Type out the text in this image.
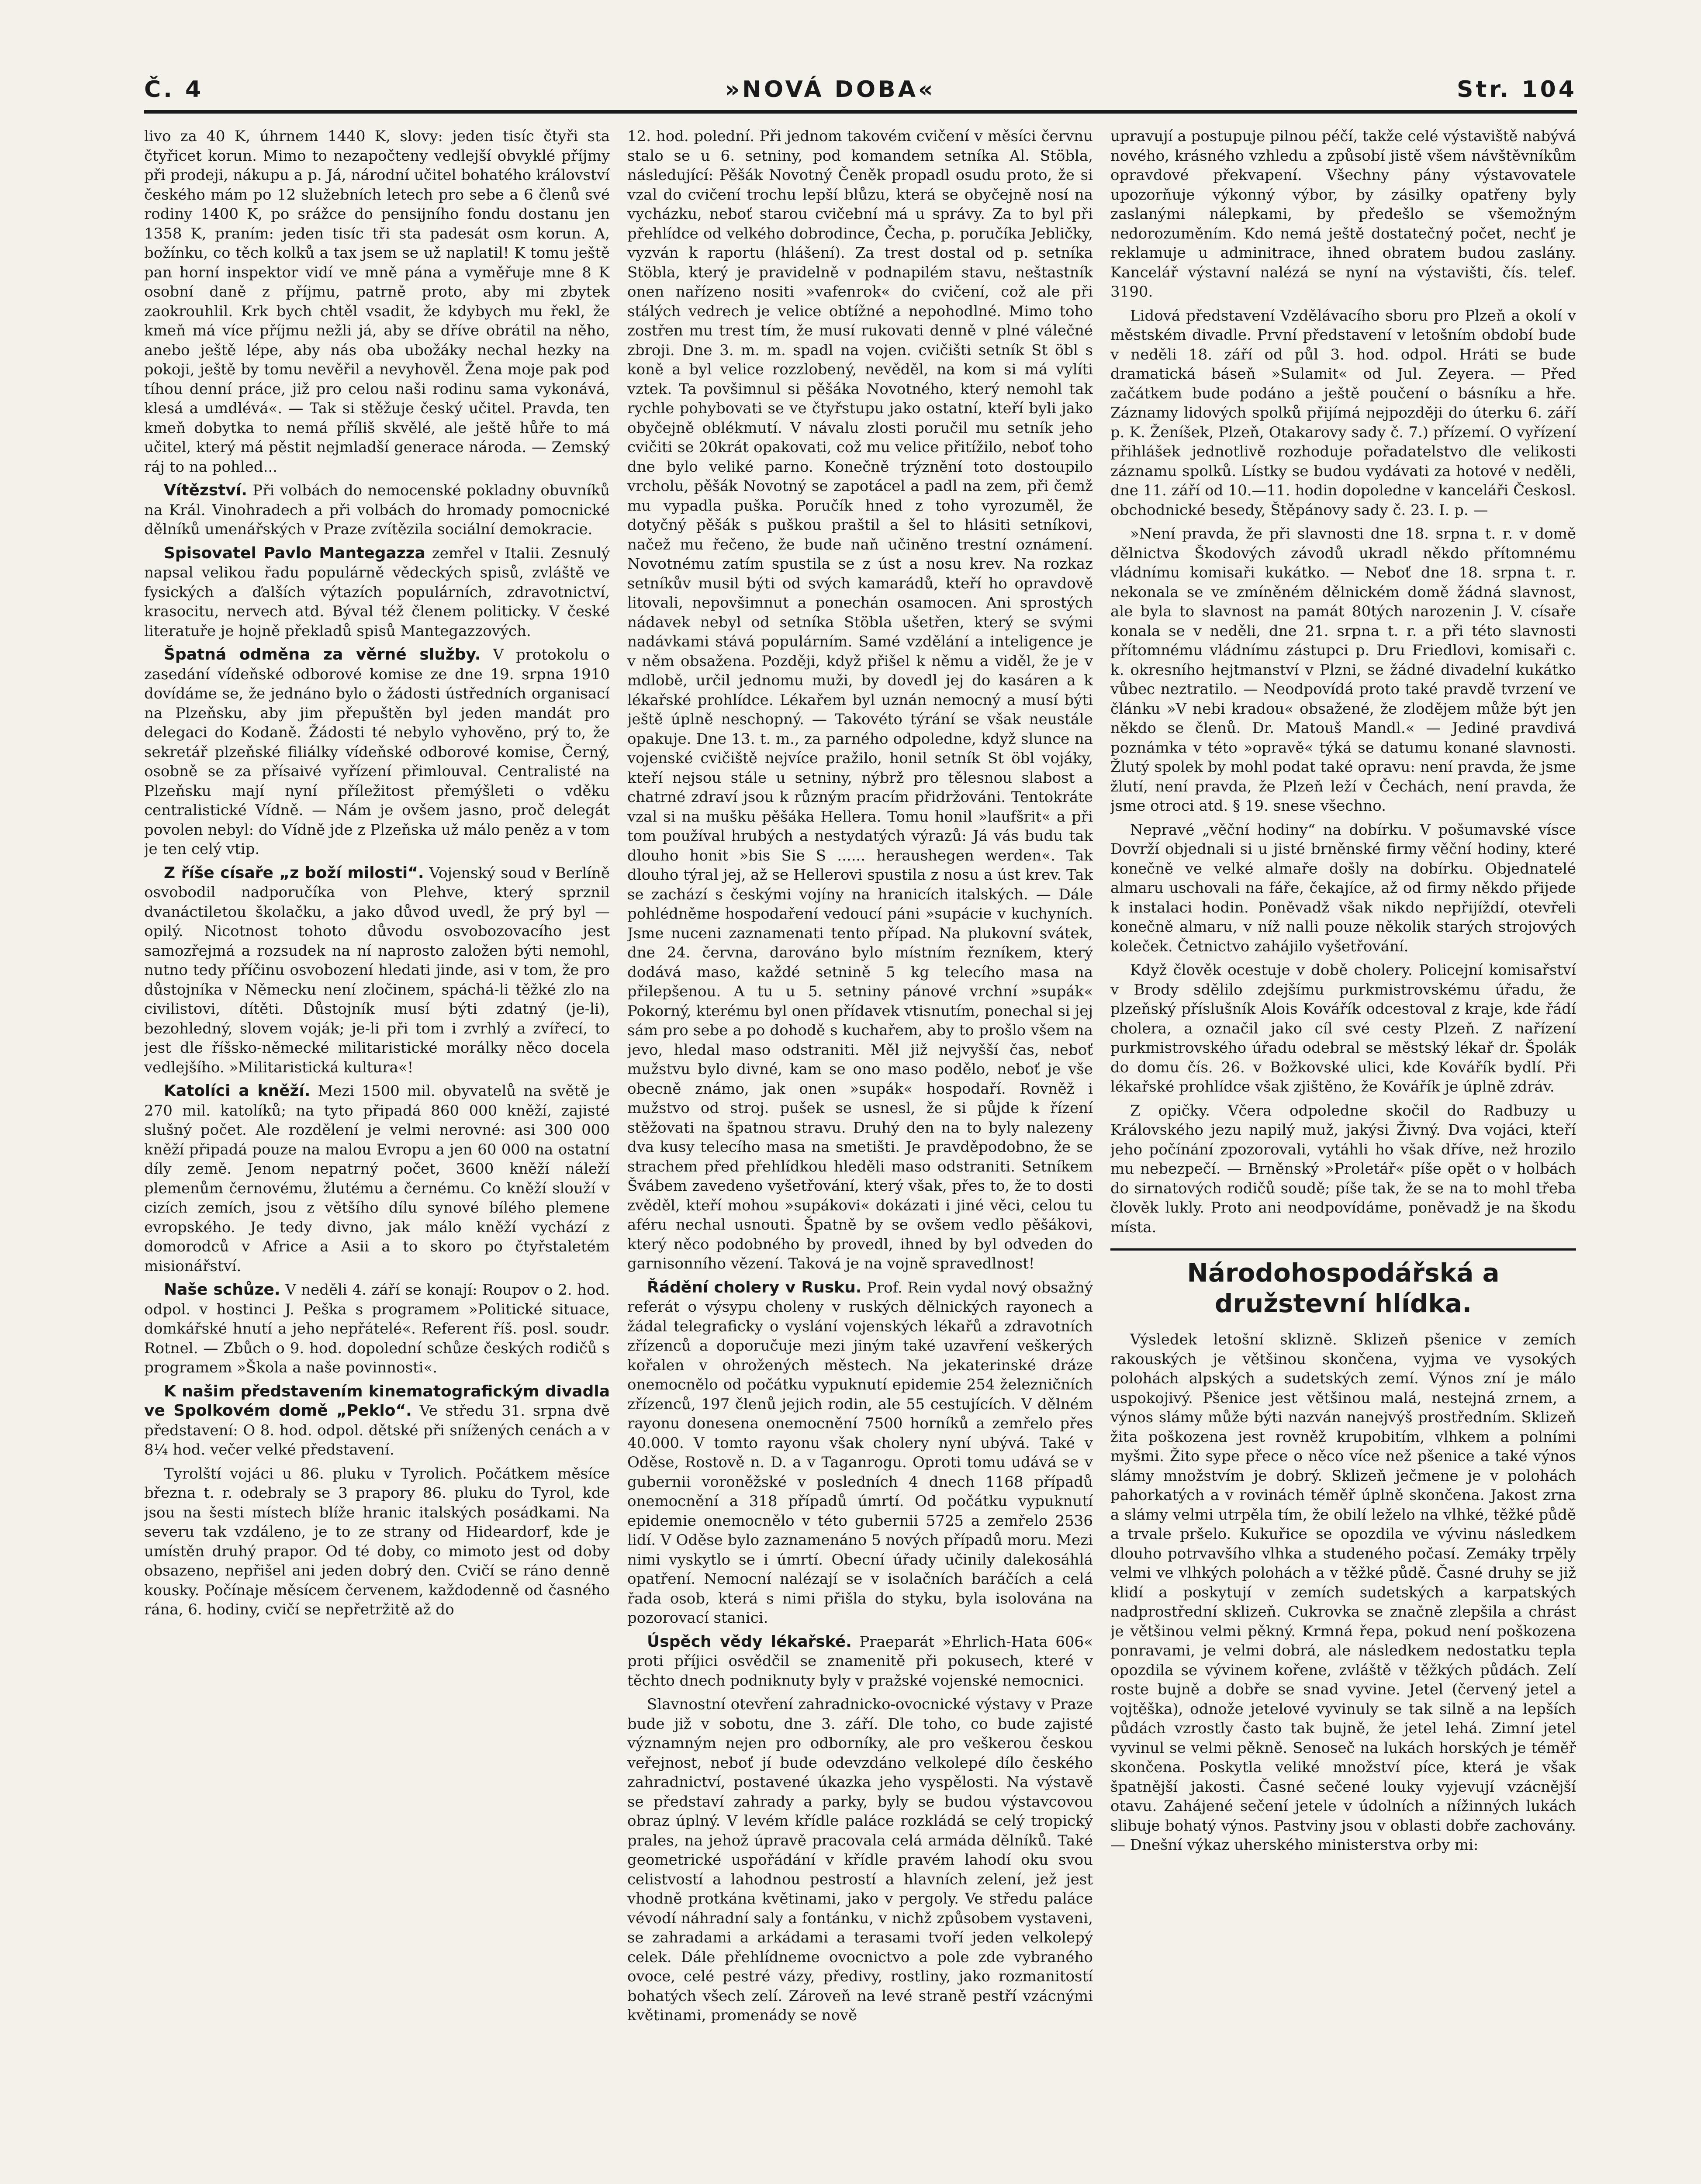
Č. 4	»NOVÁ DOBA«	Str. 104

livo za 40 K, úhrnem 1440 K, slovy: jeden tisíc čtyři sta čtyřicet korun. Mimo to nezapočteny vedlejší obvyklé příjmy při prodeji, nákupu a p. Já, národní učitel bohatého království českého mám po 12 služebních letech pro sebe a 6 členů své rodiny 1400 K, po srážce do pensijního fondu dostanu jen 1358 K, praním: jeden tisíc tři sta padesát osm korun. A, božínku, co těch kolků a tax jsem se už naplatil! K tomu ještě pan horní inspektor vidí ve mně pána a vyměřuje mne 8 K osobní daně z příjmu, patrně proto, aby mi zbytek zaokrouhlil. Krk bych chtěl vsadit, že kdybych mu řekl, že kmeň má více příjmu nežli já, aby se dříve obrátil na něho, anebo ještě lépe, aby nás oba ubožáky nechal hezky na pokoji, ještě by tomu nevěřil a nevyhověl. Žena moje pak pod tíhou denní práce, již pro celou naši rodinu sama vykonává, klesá a umdlévá«. — Tak si stěžuje český učitel. Pravda, ten kmeň dobytka to nemá příliš skvělé, ale ještě hůře to má učitel, který má pěstit nejmladší generace národa. — Zemský ráj to na pohled...

Vítězství. Při volbách do nemocenské pokladny obuvníků na Král. Vinohradech a při volbách do hromady pomocnické dělníků umenářských v Praze zvítězila sociální demokracie.

Spisovatel Pavlo Mantegazza zemřel v Italii. Zesnulý napsal velikou řadu populárně vědeckých spisů, zvláště ve fysických a ďalších výtazích populárních, zdravotnictví, krasocitu, nervech atd. Býval též členem politicky. V české literatuře je hojně překladů spisů Mantegazzových.

Špatná odměna za věrné služby. V protokolu o zasedání vídeňské odborové komise ze dne 19. srpna 1910 dovídáme se, že jednáno bylo o žádosti ústředních organisací na Plzeňsku, aby jim přepuštěn byl jeden mandát pro delegaci do Kodaně. Žádosti té nebylo vyhověno, prý to, že sekretář plzeňské filiálky vídeňské odborové komise, Černý, osobně se za přísaivé vyřízení přimlouval. Centralisté na Plzeňsku mají nyní příležitost přemýšleti o vděku centralistické Vídně. — Nám je ovšem jasno, proč delegát povolen nebyl: do Vídně jde z Plzeňska už málo peněz a v tom je ten celý vtip.

Z říše císaře „z boží milosti“. Vojenský soud v Berlíně osvobodil nadporučíka von Plehve, který sprznil dvanáctiletou školačku, a jako důvod uvedl, že prý byl — opilý. Nicotnost tohoto důvodu osvobozovacího jest samozřejmá a rozsudek na ní naprosto založen býti nemohl, nutno tedy příčinu osvobození hledati jinde, asi v tom, že pro důstojníka v Německu není zločinem, spáchá-li těžké zlo na civilistovi, dítěti. Důstojník musí býti zdatný (je-li), bezohledný, slovem voják; je-li při tom i zvrhlý a zvířecí, to jest dle říšsko-německé militaristické morálky něco docela vedlejšího. »Militaristická kultura«!

Katolíci a kněží. Mezi 1500 mil. obyvatelů na světě je 270 mil. katolíků; na tyto připadá 860 000 kněží, zajisté slušný počet. Ale rozdělení je velmi nerovné: asi 300 000 kněží připadá pouze na malou Evropu a jen 60 000 na ostatní díly země. Jenom nepatrný počet, 3600 kněží náleží plemenům černovému, žlutému a černému. Co kněží slouží v cizích zemích, jsou z většího dílu synové bílého plemene evropského. Je tedy divno, jak málo kněží vychází z domorodců v Africe a Asii a to skoro po čtyřstaletém misionářství.

Naše schůze. V neděli 4. září se konají: Roupov o 2. hod. odpol. v hostinci J. Peška s programem »Politické situace, domkářské hnutí a jeho nepřátelé«. Referent říš. posl. soudr. Rotnel. — Zbůch o 9. hod. dopolední schůze českých rodičů s programem »Škola a naše povinnosti«.

K našim představením kinematografickým divadla ve Spolkovém domě „Peklo“. Ve středu 31. srpna dvě představení: O 8. hod. odpol. dětské při snížených cenách a v 8¼ hod. večer velké představení.

Tyrolští vojáci u 86. pluku v Tyrolich. Počátkem měsíce března t. r. odebraly se 3 prapory 86. pluku do Tyrol, kde jsou na šesti místech blíže hranic italských posádkami. Na severu tak vzdáleno, je to ze strany od Hideardorf, kde je umístěn druhý prapor. Od té doby, co mimoto jest od doby obsazeno, nepřišel ani jeden dobrý den. Cvičí se ráno denně kousky. Počínaje měsícem červenem, každodenně od časného rána, 6. hodiny, cvičí se nepřetržitě až do

12. hod. polední. Při jednom takovém cvičení v měsíci červnu stalo se u 6. setniny, pod komandem setníka Al. Stöbla, následující: Pěšák Novotný Čeněk propadl osudu proto, že si vzal do cvičení trochu lepší blůzu, která se obyčejně nosí na vycházku, neboť starou cvičební má u správy. Za to byl při přehlídce od velkého dobrodince, Čecha, p. poručíka Jebličky, vyzván k raportu (hlášení). Za trest dostal od p. setníka Stöbla, který je pravidelně v podnapilém stavu, neštastník onen nařízeno nositi »vafenrok« do cvičení, což ale při stálých vedrech je velice obtížné a nepohodlné. Mimo toho zostřen mu trest tím, že musí rukovati denně v plné válečné zbroji. Dne 3. m. m. spadl na vojen. cvičišti setník St öbl s koně a byl velice rozzlobený, nevěděl, na kom si má vylíti vztek. Ta povšimnul si pěšáka Novotného, který nemohl tak rychle pohybovati se ve čtyřstupu jako ostatní, kteří byli jako obyčejně oblékmutí. V návalu zlosti poručil mu setník jeho cvičiti se 20krát opakovati, což mu velice přitížilo, neboť toho dne bylo veliké parno. Konečně trýznění toto dostoupilo vrcholu, pěšák Novotný se zapotácel a padl na zem, při čemž mu vypadla puška. Poručík hned z toho vyrozuměl, že dotyčný pěšák s puškou praštil a šel to hlásiti setníkovi, načež mu řečeno, že bude naň učiněno trestní oznámení. Novotnému zatím spustila se z úst a nosu krev. Na rozkaz setníkův musil býti od svých kamarádů, kteří ho opravdově litovali, nepovšimnut a ponechán osamocen. Ani sprostých nádavek nebyl od setníka Stöbla ušetřen, který se svými nadávkami stává populárním. Samé vzdělání a inteligence je v něm obsažena. Později, když přišel k němu a viděl, že je v mdlobě, určil jednomu muži, by dovedl jej do kasáren a k lékařské prohlídce. Lékařem byl uznán nemocný a musí býti ještě úplně neschopný. — Takovéto týrání se však neustále opakuje. Dne 13. t. m., za parného odpoledne, když slunce na vojenské cvičiště nejvíce pražilo, honil setník St öbl vojáky, kteří nejsou stále u setniny, nýbrž pro tělesnou slabost a chatrné zdraví jsou k různým pracím přidržováni. Tentokráte vzal si na mušku pěšáka Hellera. Tomu honil »laufšrit« a při tom používal hrubých a nestydatých výrazů: Já vás budu tak dlouho honit »bis Sie S ...... heraushegen werden«. Tak dlouho týral jej, až se Hellerovi spustila z nosu a úst krev. Tak se zachází s českými vojíny na hranicích italských. — Dále pohlédněme hospodaření vedoucí páni »supácie v kuchyních. Jsme nuceni zaznamenati tento případ. Na plukovní svátek, dne 24. června, darováno bylo místním řezníkem, který dodává maso, každé setnině 5 kg telecího masa na přilepšenou. A tu u 5. setniny pánové vrchní »supák« Pokorný, kterému byl onen přídavek vtisnutím, ponechal si jej sám pro sebe a po dohodě s kuchařem, aby to prošlo všem na jevo, hledal maso odstraniti. Měl již nejvyšší čas, neboť mužstvu bylo divné, kam se ono maso podělo, neboť je vše obecně známo, jak onen »supák« hospodaří. Rovněž i mužstvo od stroj. pušek se usnesl, že si půjde k řízení stěžovati na špatnou stravu. Druhý den na to byly nalezeny dva kusy telecího masa na smetišti. Je pravděpodobno, že se strachem před přehlídkou hleděli maso odstraniti. Setníkem Švábem zavedeno vyšetřování, který však, přes to, že to dosti zvěděl, kteří mohou »supákovi« dokázati i jiné věci, celou tu aféru nechal usnouti. Špatně by se ovšem vedlo pěšákovi, který něco podobného by provedl, ihned by byl odveden do garnisonního vězení. Taková je na vojně spravedlnost!

Řádění cholery v Rusku. Prof. Rein vydal nový obsažný referát o výsypu choleny v ruských dělnických rayonech a žádal telegraficky o vyslání vojenských lékařů a zdravotních zřízenců a doporučuje mezi jiným také uzavření veškerých kořalen v ohrožených městech. Na jekaterinské dráze onemocnělo od počátku vypuknutí epidemie 254 železničních zřízenců, 197 členů jejich rodin, ale 55 cestujících. V dělném rayonu donesena onemocnění 7500 horníků a zemřelo přes 40.000. V tomto rayonu však cholery nyní ubývá. Také v Oděse, Rostově n. D. a v Taganrogu. Oproti tomu udává se v gubernii voroněžské v posledních 4 dnech 1168 případů onemocnění a 318 případů úmrtí. Od počátku vypuknutí epidemie onemocnělo v této gubernii 5725 a zemřelo 2536 lidí. V Oděse bylo zaznamenáno 5 nových případů moru. Mezi nimi vyskytlo se i úmrtí. Obecní úřady učinily dalekosáhlá opatření. Nemocní nalézají se v isolačních baráčích a celá řada osob, která s nimi přišla do styku, byla isolována na pozorovací stanici.

Úspěch vědy lékařské. Praeparát »Ehrlich-Hata 606« proti příjici osvědčil se znamenitě při pokusech, které v těchto dnech podniknuty byly v pražské vojenské nemocnici.

Slavnostní otevření zahradnicko-ovocnické výstavy v Praze bude již v sobotu, dne 3. září. Dle toho, co bude zajisté významným nejen pro odborníky, ale pro veškerou českou veřejnost, neboť jí bude odevzdáno velkolepé dílo českého zahradnictví, postavené úkazka jeho vyspělosti. Na výstavě se představí zahrady a parky, byly se budou výstavcovou obraz úplný. V levém křídle paláce rozkládá se celý tropický prales, na jehož úpravě pracovala celá armáda dělníků. Také geometrické uspořádání v křídle pravém lahodí oku svou celistvostí a lahodnou pestrostí a hlavních zelení, jež jest vhodně protkána květinami, jako v pergoly. Ve středu paláce vévodí náhradní saly a fontánku, v nichž způsobem vystaveni, se zahradami a arkádami a terasami tvoří jeden velkolepý celek. Dále přehlídneme ovocnictvo a pole zde vybraného ovoce, celé pestré vázy, předivy, rostliny, jako rozmanitostí bohatých všech zelí. Zároveň na levé straně pestří vzácnými květinami, promenády se nově

upravují a postupuje pilnou péčí, takže celé výstaviště nabývá nového, krásného vzhledu a způsobí jistě všem návštěvníkům opravdové překvapení. Všechny pány výstavovatele upozorňuje výkonný výbor, by zásilky opatřeny byly zaslanými nálepkami, by předešlo se všemožným nedorozuměním. Kdo nemá ještě dostatečný počet, nechť je reklamuje u adminitrace, ihned obratem budou zaslány. Kancelář výstavní nalézá se nyní na výstavišti, čís. telef. 3190.

Lidová představení Vzdělávacího sboru pro Plzeň a okolí v městském divadle. První představení v letošním období bude v neděli 18. září od půl 3. hod. odpol. Hráti se bude dramatická báseň »Sulamit« od Jul. Zeyera. — Před začátkem bude podáno a ještě poučení o básníku a hře. Záznamy lidových spolků přijímá nejpozději do úterku 6. září p. K. Ženíšek, Plzeň, Otakarovy sady č. 7.) přízemí. O vyřízení přihlášek jednotlivě rozhoduje pořadatelstvo dle velikosti záznamu spolků. Lístky se budou vydávati za hotové v neděli, dne 11. září od 10.—11. hodin dopoledne v kanceláři Českosl. obchodnické besedy, Štěpánovy sady č. 23. I. p. —

»Není pravda, že při slavnosti dne 18. srpna t. r. v domě dělnictva Škodových závodů ukradl někdo přítomnému vládnímu komisaři kukátko. — Neboť dne 18. srpna t. r. nekonala se ve zmíněném dělnickém domě žádná slavnost, ale byla to slavnost na památ 80tých narozenin J. V. císaře konala se v neděli, dne 21. srpna t. r. a při této slavnosti přítomnému vládnímu zástupci p. Dru Friedlovi, komisaři c. k. okresního hejtmanství v Plzni, se žádné divadelní kukátko vůbec neztratilo. — Neodpovídá proto také pravdě tvrzení ve článku »V nebi kradou« obsažené, že zlodějem může být jen někdo se členů. Dr. Matouš Mandl.« — Jediné pravdivá poznámka v této »opravě« týká se datumu konané slavnosti. Žlutý spolek by mohl podat také opravu: není pravda, že jsme žlutí, není pravda, že Plzeň leží v Čechách, není pravda, že jsme otroci atd. § 19. snese všechno.

Nepravé „věční hodiny“ na dobírku. V pošumavské vísce Dovrží objednali si u jisté brněnské firmy věční hodiny, které konečně ve velké almaře došly na dobírku. Objednatelé almaru uschovali na fáře, čekajíce, až od firmy někdo přijede k instalaci hodin. Poněvadž však nikdo nepřijíždí, otevřeli konečně almaru, v níž nalli pouze několik starých strojových koleček. Četnictvo zahájilo vyšetřování.

Když člověk ocestuje v době cholery. Policejní komisařství v Brody sdělilo zdejšímu purkmistrovskému úřadu, že plzeňský příslušník Alois Kovářík odcestoval z kraje, kde řádí cholera, a označil jako cíl své cesty Plzeň. Z nařízení purkmistrovského úřadu odebral se městský lékař dr. Špolák do domu čís. 26. v Božkovské ulici, kde Kovářík bydlí. Při lékařské prohlídce však zjištěno, že Kovářík je úplně zdráv.

Z opičky. Včera odpoledne skočil do Radbuzy u Královského jezu napilý muž, jakýsi Živný. Dva vojáci, kteří jeho počínání zpozorovali, vytáhli ho však dříve, než hrozilo mu nebezpečí. — Brněnský »Proletář« píše opět o v holbách do sirnatových rodičů soudě; píše tak, že se na to mohl třeba člověk lukly. Proto ani neodpovídáme, poněvadž je na škodu místa.

Národohospodářská a družstevní hlídka.

Výsledek letošní sklizně. Sklizeň pšenice v zemích rakouských je většinou skončena, vyjma ve vysokých polohách alpských a sudetských zemí. Výnos zní je málo uspokojivý. Pšenice jest většinou malá, nestejná zrnem, a výnos slámy může býti nazván nanejvýš prostředním. Sklizeň žita poškozena jest rovněž krupobitím, vlhkem a polními myšmi. Žito sype přece o něco více než pšenice a také výnos slámy množstvím je dobrý. Sklizeň ječmene je v polohách pahorkatých a v rovinách téměř úplně skončena. Jakost zrna a slámy velmi utrpěla tím, že obilí leželo na vlhké, těžké půdě a trvale pršelo. Kukuřice se opozdila ve vývinu následkem dlouho potrvavšího vlhka a studeného počasí. Zemáky trpěly velmi ve vlhkých polohách a v těžké půdě. Časné druhy se již klidí a poskytují v zemích sudetských a karpatských nadprostřední sklizeň. Cukrovka se značně zlepšila a chrást je většinou velmi pěkný. Krmná řepa, pokud není poškozena ponravami, je velmi dobrá, ale následkem nedostatku tepla opozdila se vývinem kořene, zvláště v těžkých půdách. Zelí roste bujně a dobře se snad vyvine. Jetel (červený jetel a vojtěška), odnože jetelové vyvinuly se tak silně a na lepších půdách vzrostly často tak bujně, že jetel lehá. Zimní jetel vyvinul se velmi pěkně. Senoseč na lukách horských je téměř skončena. Poskytla veliké množství píce, která je však špatnější jakosti. Časné sečené louky vyjevují vzácnější otavu. Zahájené sečení jetele v údolních a nížinných lukách slibuje bohatý výnos. Pastviny jsou v oblasti dobře zachovány. — Dnešní výkaz uherského ministerstva orby mi:
